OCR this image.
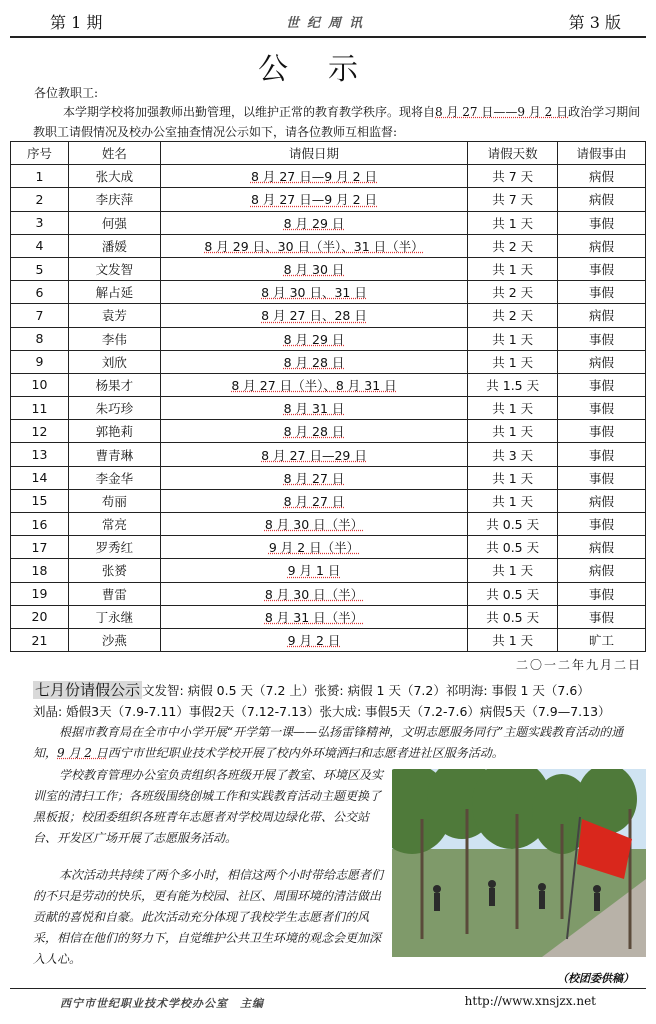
第 1 期	世纪周讯	第 3 版
公示
各位教职工:
本学期学校将加强教师出勤管理，以维护正常的教育教学秩序。现将自8 月 27 日——9 月 2 日政治学习期间教职工请假情况及校办公室抽查情况公示如下，请各位教师互相监督:
序号	姓名	请假日期	请假天数	请假事由
1	张大成	8 月 27 日—9 月 2 日	共 7 天	病假
2	李庆萍	8 月 27 日—9 月 2 日	共 7 天	病假
3	何强	8 月 29 日	共 1 天	事假
4	潘媛	8 月 29 日、30 日（半）、31 日（半）	共 2 天	病假
5	文发智	8 月 30 日	共 1 天	事假
6	解占延	8 月 30 日、31 日	共 2 天	事假
7	袁芳	8 月 27 日、28 日	共 2 天	病假
8	李伟	8 月 29 日	共 1 天	事假
9	刘欣	8 月 28 日	共 1 天	病假
10	杨果才	8 月 27 日（半）、8 月 31 日	共 1.5 天	事假
11	朱巧珍	8 月 31 日	共 1 天	事假
12	郭艳莉	8 月 28 日	共 1 天	事假
13	曹青琳	8 月 27 日—29 日	共 3 天	事假
14	李金华	8 月 27 日	共 1 天	事假
15	苟丽	8 月 27 日	共 1 天	病假
16	常亮	8 月 30 日（半）	共 0.5 天	事假
17	罗秀红	9 月 2 日（半）	共 0.5 天	病假
18	张赟	9 月 1 日	共 1 天	病假
19	曹雷	8 月 30 日（半）	共 0.5 天	事假
20	丁永继	8 月 31 日（半）	共 0.5 天	事假
21	沙燕	9 月 2 日	共 1 天	旷工
二〇一二年九月二日
七月份请假公示 文发智: 病假 0.5 天（7.2 上）张赟: 病假 1 天（7.2）祁明海: 事假 1 天（7.6）
刘晶: 婚假3天（7.9-7.11）事假2天（7.12-7.13）张大成: 事假5天（7.2-7.6）病假5天（7.9—7.13）
根据市教育局在全市中小学开展“开学第一课——弘扬雷锋精神，文明志愿服务同行”主题实践教育活动的通知，9 月 2 日西宁市世纪职业技术学校开展了校内外环境洒扫和志愿者进社区服务活动。
学校教育管理办公室负责组织各班级开展了教室、环境区及实训室的清扫工作；各班级围绕创城工作和实践教育活动主题更换了黑板报；校团委组织各班青年志愿者对学校周边绿化带、公交站台、开发区广场开展了志愿服务活动。
本次活动共持续了两个多小时，相信这两个小时带给志愿者们的不只是劳动的快乐，更有能为校园、社区、周围环境的清洁做出贡献的喜悦和自豪。此次活动充分体现了我校学生志愿者们的风采，相信在他们的努力下，自觉维护公共卫生环境的观念会更加深入人心。
（校团委供稿）
西宁市世纪职业技术学校办公室　主编	http://www.xnsjzx.net
